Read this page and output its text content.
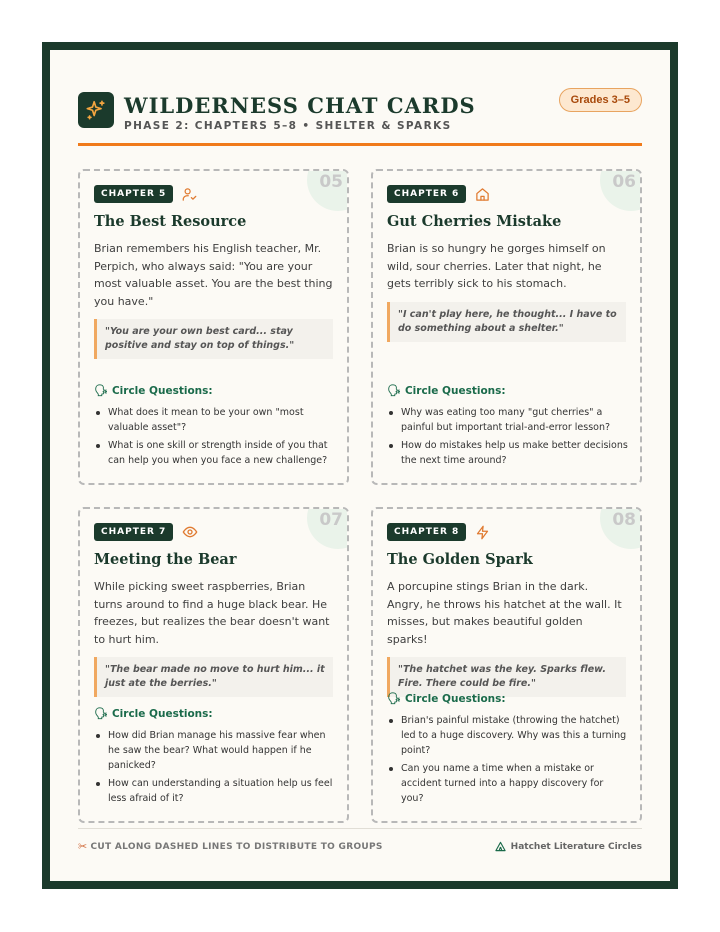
WILDERNESS CHAT CARDS
PHASE 2: CHAPTERS 5–8 • SHELTER & SPARKS
Grades 3–5
05
CHAPTER 5
The Best Resource
Brian remembers his English teacher, Mr. Perpich, who always said: "You are your most valuable asset. You are the best thing you have."
"You are your own best card... stay positive and stay on top of things."
🗣 Circle Questions:
What does it mean to be your own "most valuable asset"?
What is one skill or strength inside of you that can help you when you face a new challenge?
06
CHAPTER 6
Gut Cherries Mistake
Brian is so hungry he gorges himself on wild, sour cherries. Later that night, he gets terribly sick to his stomach.
"I can't play here, he thought... I have to do something about a shelter."
🗣 Circle Questions:
Why was eating too many "gut cherries" a painful but important trial-and-error lesson?
How do mistakes help us make better decisions the next time around?
07
CHAPTER 7
Meeting the Bear
While picking sweet raspberries, Brian turns around to find a huge black bear. He freezes, but realizes the bear doesn't want to hurt him.
"The bear made no move to hurt him... it just ate the berries."
🗣 Circle Questions:
How did Brian manage his massive fear when he saw the bear? What would happen if he panicked?
How can understanding a situation help us feel less afraid of it?
08
CHAPTER 8
The Golden Spark
A porcupine stings Brian in the dark. Angry, he throws his hatchet at the wall. It misses, but makes beautiful golden sparks!
"The hatchet was the key. Sparks flew. Fire. There could be fire."
🗣 Circle Questions:
Brian's painful mistake (throwing the hatchet) led to a huge discovery. Why was this a turning point?
Can you name a time when a mistake or accident turned into a happy discovery for you?
✂ CUT ALONG DASHED LINES TO DISTRIBUTE TO GROUPS	Hatchet Literature Circles
